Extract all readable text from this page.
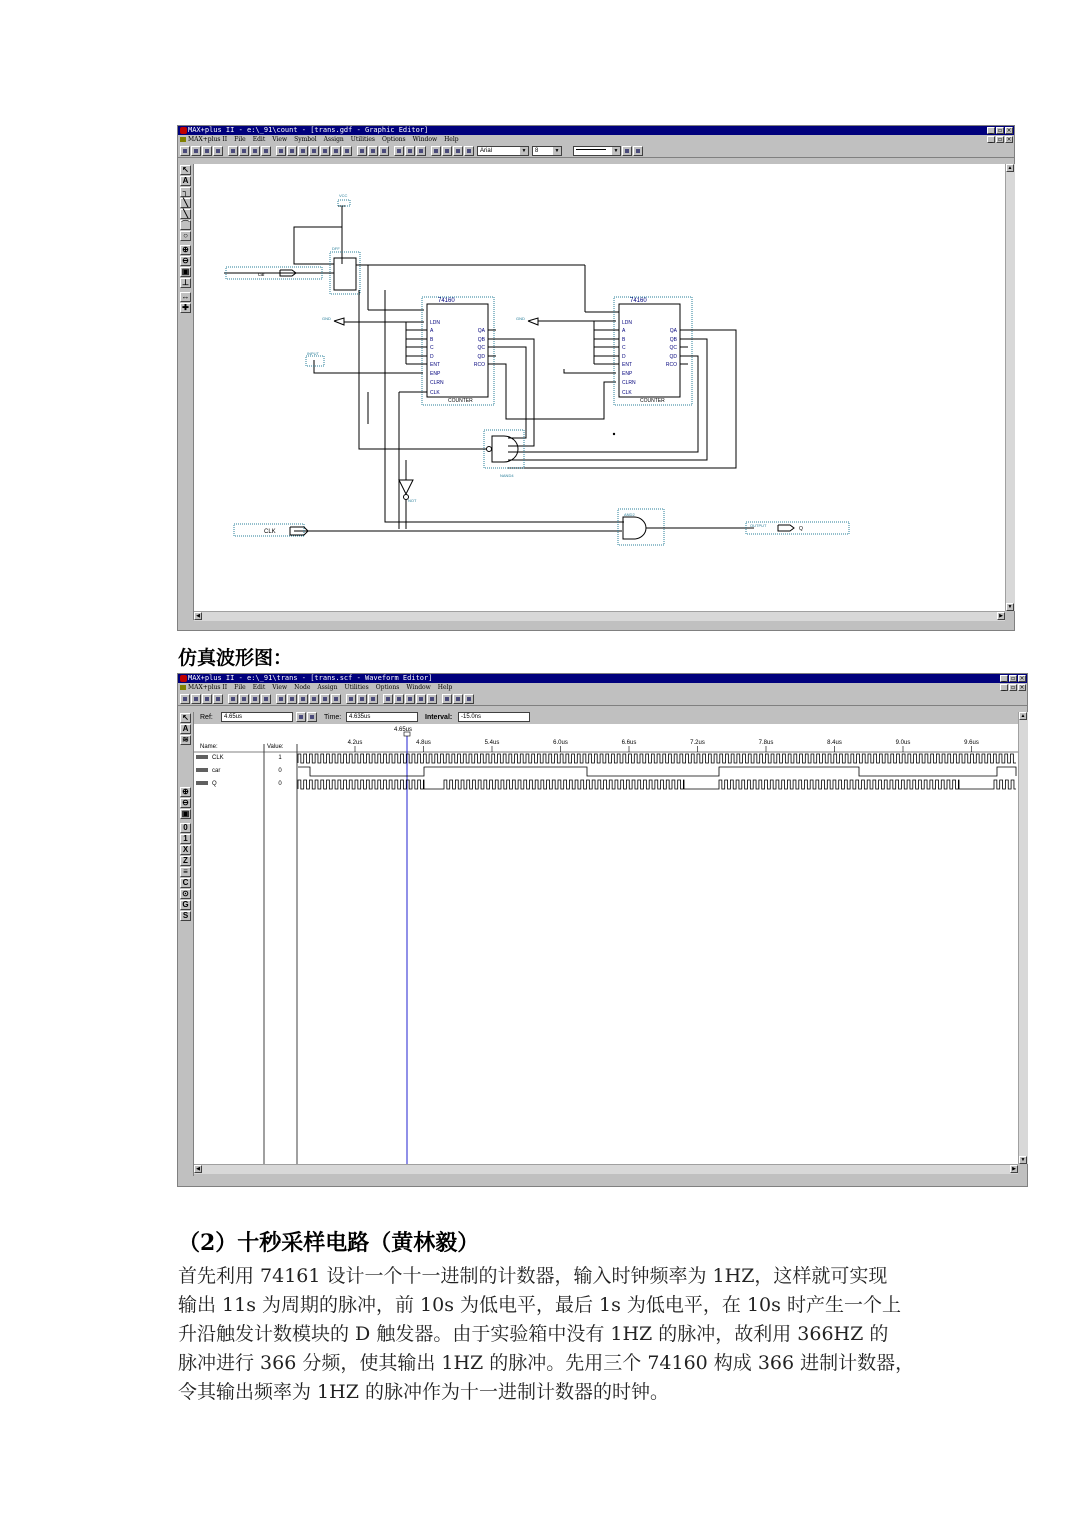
MAX+plus II - e:\_91\count - [trans.gdf - Graphic Editor]	_ ▫ ×
MAX+plus II File Edit View Symbol Assign Utilities Options Window Help	_ ▫ ×
Arial	▼	8	▼	▼
↖
A
┐
╲
╲
⌒
○
⊕
⊖
▣
⊥
↔
✚
VCC
DFF
INPUT
74160	74160
LDN
A
B
C
D
ENT
ENP
CLRN
CLK
QA
QB
QC
QD
RCO
LDN
A
B
C
D
ENT
ENP
CLRN
CLK
QA
QB
QC
QD
RCO
COUNTER	COUNTER
NAND4
NOT
AND2
CLK
car
Q
OUTPUT
GND	GND
▲
▼
◀	▶
仿真波形图：
MAX+plus II - e:\_91\trans - [trans.scf - Waveform Editor]	_ ▫ ×
MAX+plus II File Edit View Node Assign Utilities Options Window Help	_ ▫ ×
Ref:	4.65us	Time:	4.635us	Interval:	-15.0ns
↖
A
≋
⊕
⊖
▣
0
1
X
Z
≡
C
⊙
G
S
4.65us
Name:	Value:
4.2us	4.8us	5.4us	6.0us	6.6us	7.2us	7.8us	8.4us	9.0us	9.6us
CLK	1
car	0
Q	0
▲
▼
◀	▶
（2）十秒采样电路（黄林毅）

首先利用 74161 设计一个十一进制的计数器，输入时钟频率为 1HZ，这样就可实现

输出 11s 为周期的脉冲，前 10s 为低电平，最后 1s 为低电平，在 10s 时产生一个上

升沿触发计数模块的 D 触发器。由于实验箱中没有 1HZ 的脉冲，故利用 366HZ 的

脉冲进行 366 分频，使其输出 1HZ 的脉冲。先用三个 74160 构成 366 进制计数器，

令其输出频率为 1HZ 的脉冲作为十一进制计数器的时钟。
